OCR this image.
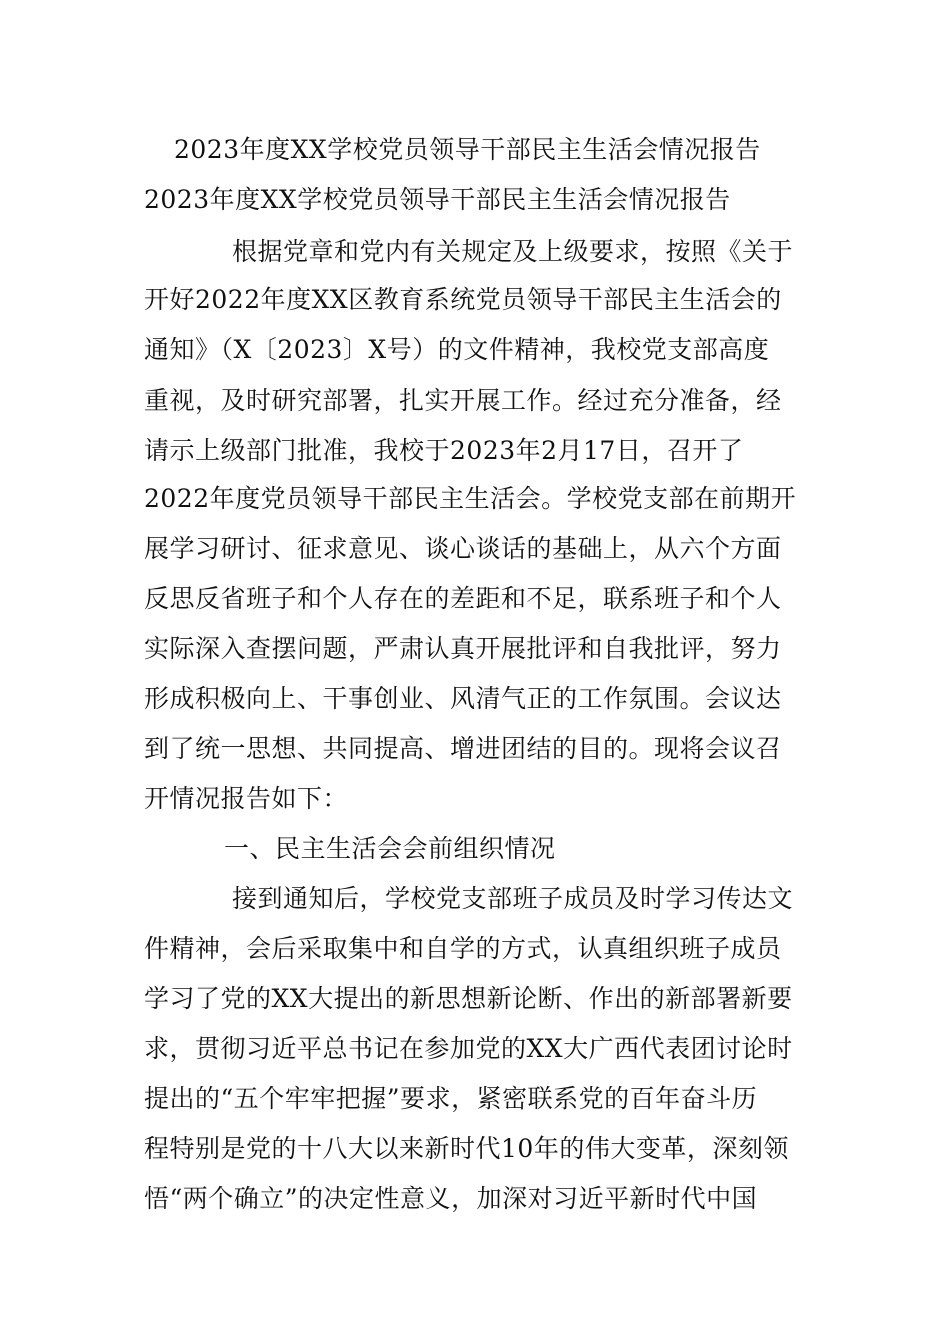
2023年度XX学校党员领导干部民主生活会情况报告
2023年度XX学校党员领导干部民主生活会情况报告
根据党章和党内有关规定及上级要求，按照《关于
开好2022年度XX区教育系统党员领导干部民主生活会的
通知》（X〔2023〕X号）的文件精神，我校党支部高度
重视，及时研究部署，扎实开展工作。经过充分准备，经
请示上级部门批准，我校于2023年2月17日，召开了
2022年度党员领导干部民主生活会。学校党支部在前期开
展学习研讨、征求意见、谈心谈话的基础上，从六个方面
反思反省班子和个人存在的差距和不足，联系班子和个人
实际深入查摆问题，严肃认真开展批评和自我批评，努力
形成积极向上、干事创业、风清气正的工作氛围。会议达
到了统一思想、共同提高、增进团结的目的。现将会议召
开情况报告如下：
一、民主生活会会前组织情况
接到通知后，学校党支部班子成员及时学习传达文
件精神，会后采取集中和自学的方式，认真组织班子成员
学习了党的XX大提出的新思想新论断、作出的新部署新要
求，贯彻习近平总书记在参加党的XX大广西代表团讨论时
提出的“五个牢牢把握”要求，紧密联系党的百年奋斗历
程特别是党的十八大以来新时代10年的伟大变革，深刻领
悟“两个确立”的决定性意义，加深对习近平新时代中国
